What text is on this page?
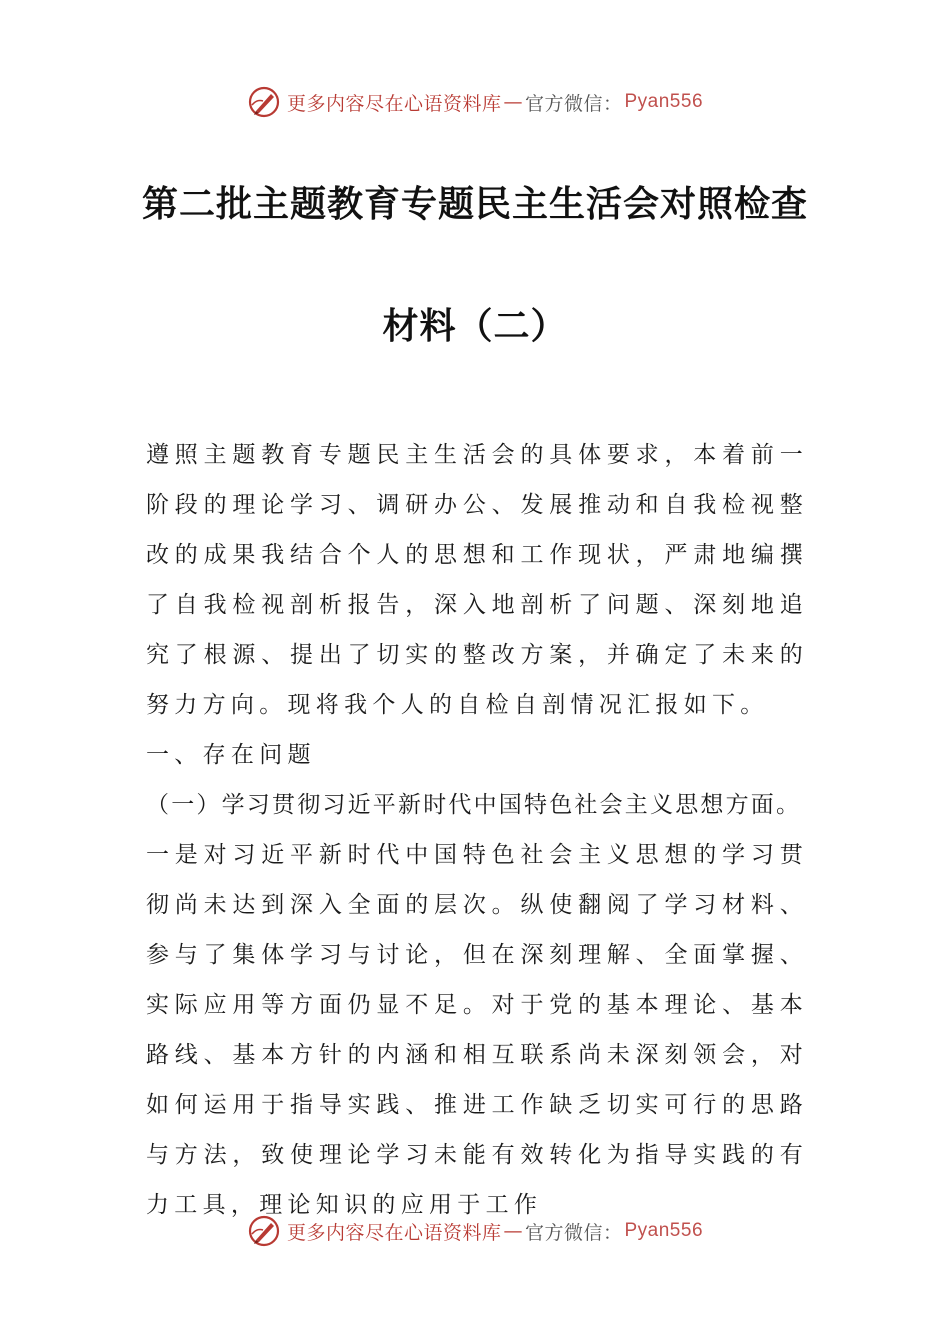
更多内容尽在心语资料库 — 官方微信： Pyan556
第二批主题教育专题民主生活会对照检查
材料（二）

遵照主题教育专题民主生活会的具体要求，本着前一阶段的理论学习、调研办公、发展推动和自我检视整改的成果我结合个人的思想和工作现状，严肃地编撰了自我检视剖析报告，深入地剖析了问题、深刻地追究了根源、提出了切实的整改方案，并确定了未来的努力方向。现将我个人的自检自剖情况汇报如下。

一、存在问题

（一）学习贯彻习近平新时代中国特色社会主义思想方面。

一是对习近平新时代中国特色社会主义思想的学习贯彻尚未达到深入全面的层次。纵使翻阅了学习材料、参与了集体学习与讨论，但在深刻理解、全面掌握、实际应用等方面仍显不足。对于党的基本理论、基本路线、基本方针的内涵和相互联系尚未深刻领会，对如何运用于指导实践、推进工作缺乏切实可行的思路与方法，致使理论学习未能有效转化为指导实践的有力工具，理论知识的应用于工作

更多内容尽在心语资料库 — 官方微信： Pyan556
